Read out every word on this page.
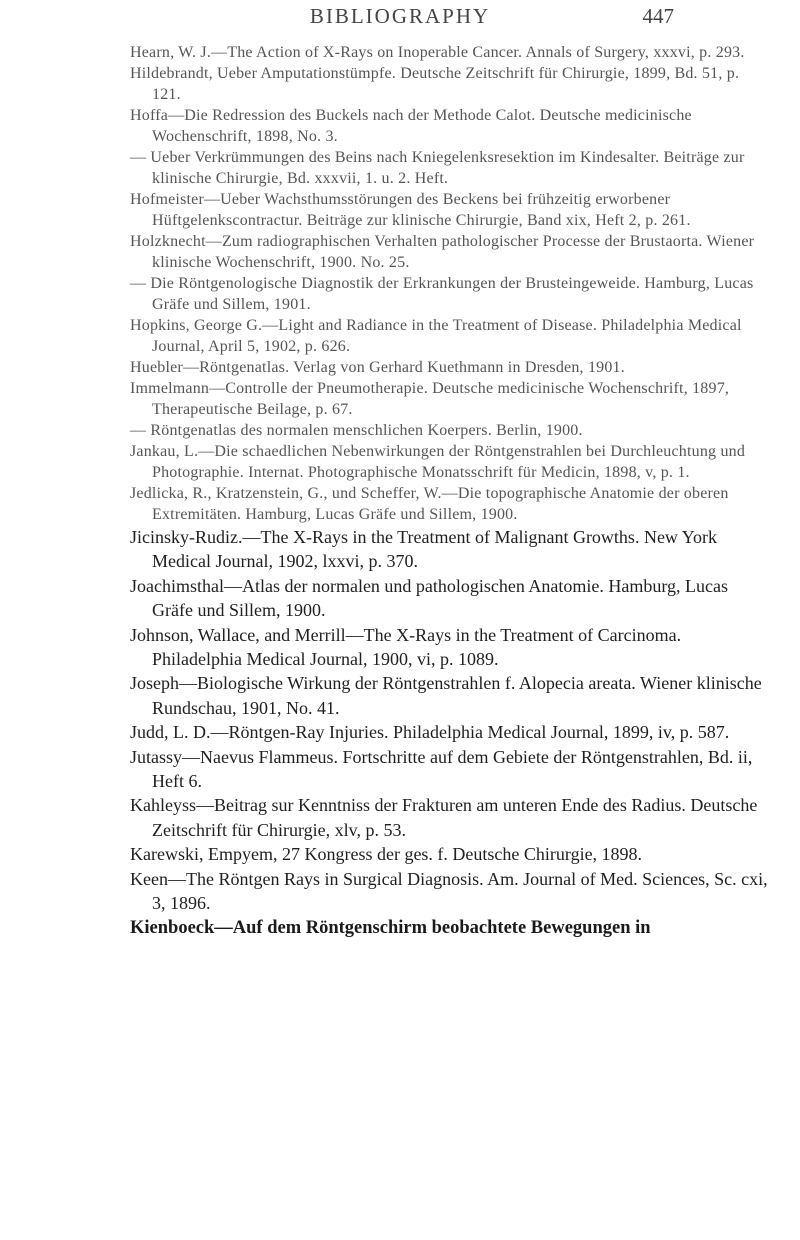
BIBLIOGRAPHY	447

Hearn, W. J.—The Action of X-Rays on Inoperable Cancer. Annals of Surgery, xxxvi, p. 293.

Hildebrandt, Ueber Amputationstümpfe. Deutsche Zeitschrift für Chirurgie, 1899, Bd. 51, p. 121.

Hoffa—Die Redression des Buckels nach der Methode Calot. Deutsche medicinische Wochenschrift, 1898, No. 3.

— Ueber Verkrümmungen des Beins nach Kniegelenksresektion im Kindesalter. Beiträge zur klinische Chirurgie, Bd. xxxvii, 1. u. 2. Heft.

Hofmeister—Ueber Wachsthumsstörungen des Beckens bei frühzeitig erworbener Hüftgelenkscontractur. Beiträge zur klinische Chirurgie, Band xix, Heft 2, p. 261.

Holzknecht—Zum radiographischen Verhalten pathologischer Processe der Brustaorta. Wiener klinische Wochenschrift, 1900. No. 25.

— Die Röntgenologische Diagnostik der Erkrankungen der Brusteingeweide. Hamburg, Lucas Gräfe und Sillem, 1901.

Hopkins, George G.—Light and Radiance in the Treatment of Disease. Philadelphia Medical Journal, April 5, 1902, p. 626.

Huebler—Röntgenatlas. Verlag von Gerhard Kuethmann in Dresden, 1901.

Immelmann—Controlle der Pneumotherapie. Deutsche medicinische Wochenschrift, 1897, Therapeutische Beilage, p. 67.

— Röntgenatlas des normalen menschlichen Koerpers. Berlin, 1900.

Jankau, L.—Die schaedlichen Nebenwirkungen der Röntgenstrahlen bei Durchleuchtung und Photographie. Internat. Photographische Monatsschrift für Medicin, 1898, v, p. 1.

Jedlicka, R., Kratzenstein, G., und Scheffer, W.—Die topographische Anatomie der oberen Extremitäten. Hamburg, Lucas Gräfe und Sillem, 1900.

Jicinsky-Rudiz.—The X-Rays in the Treatment of Malignant Growths. New York Medical Journal, 1902, lxxvi, p. 370.

Joachimsthal—Atlas der normalen und pathologischen Anatomie. Hamburg, Lucas Gräfe und Sillem, 1900.

Johnson, Wallace, and Merrill—The X-Rays in the Treatment of Carcinoma. Philadelphia Medical Journal, 1900, vi, p. 1089.

Joseph—Biologische Wirkung der Röntgenstrahlen f. Alopecia areata. Wiener klinische Rundschau, 1901, No. 41.

Judd, L. D.—Röntgen-Ray Injuries. Philadelphia Medical Journal, 1899, iv, p. 587.

Jutassy—Naevus Flammeus. Fortschritte auf dem Gebiete der Röntgenstrahlen, Bd. ii, Heft 6.

Kahleyss—Beitrag sur Kenntniss der Frakturen am unteren Ende des Radius. Deutsche Zeitschrift für Chirurgie, xlv, p. 53.

Karewski, Empyem, 27 Kongress der ges. f. Deutsche Chirurgie, 1898.

Keen—The Röntgen Rays in Surgical Diagnosis. Am. Journal of Med. Sciences, Sc. cxi, 3, 1896.

Kienboeck—Auf dem Röntgenschirm beobachtete Bewegungen in
